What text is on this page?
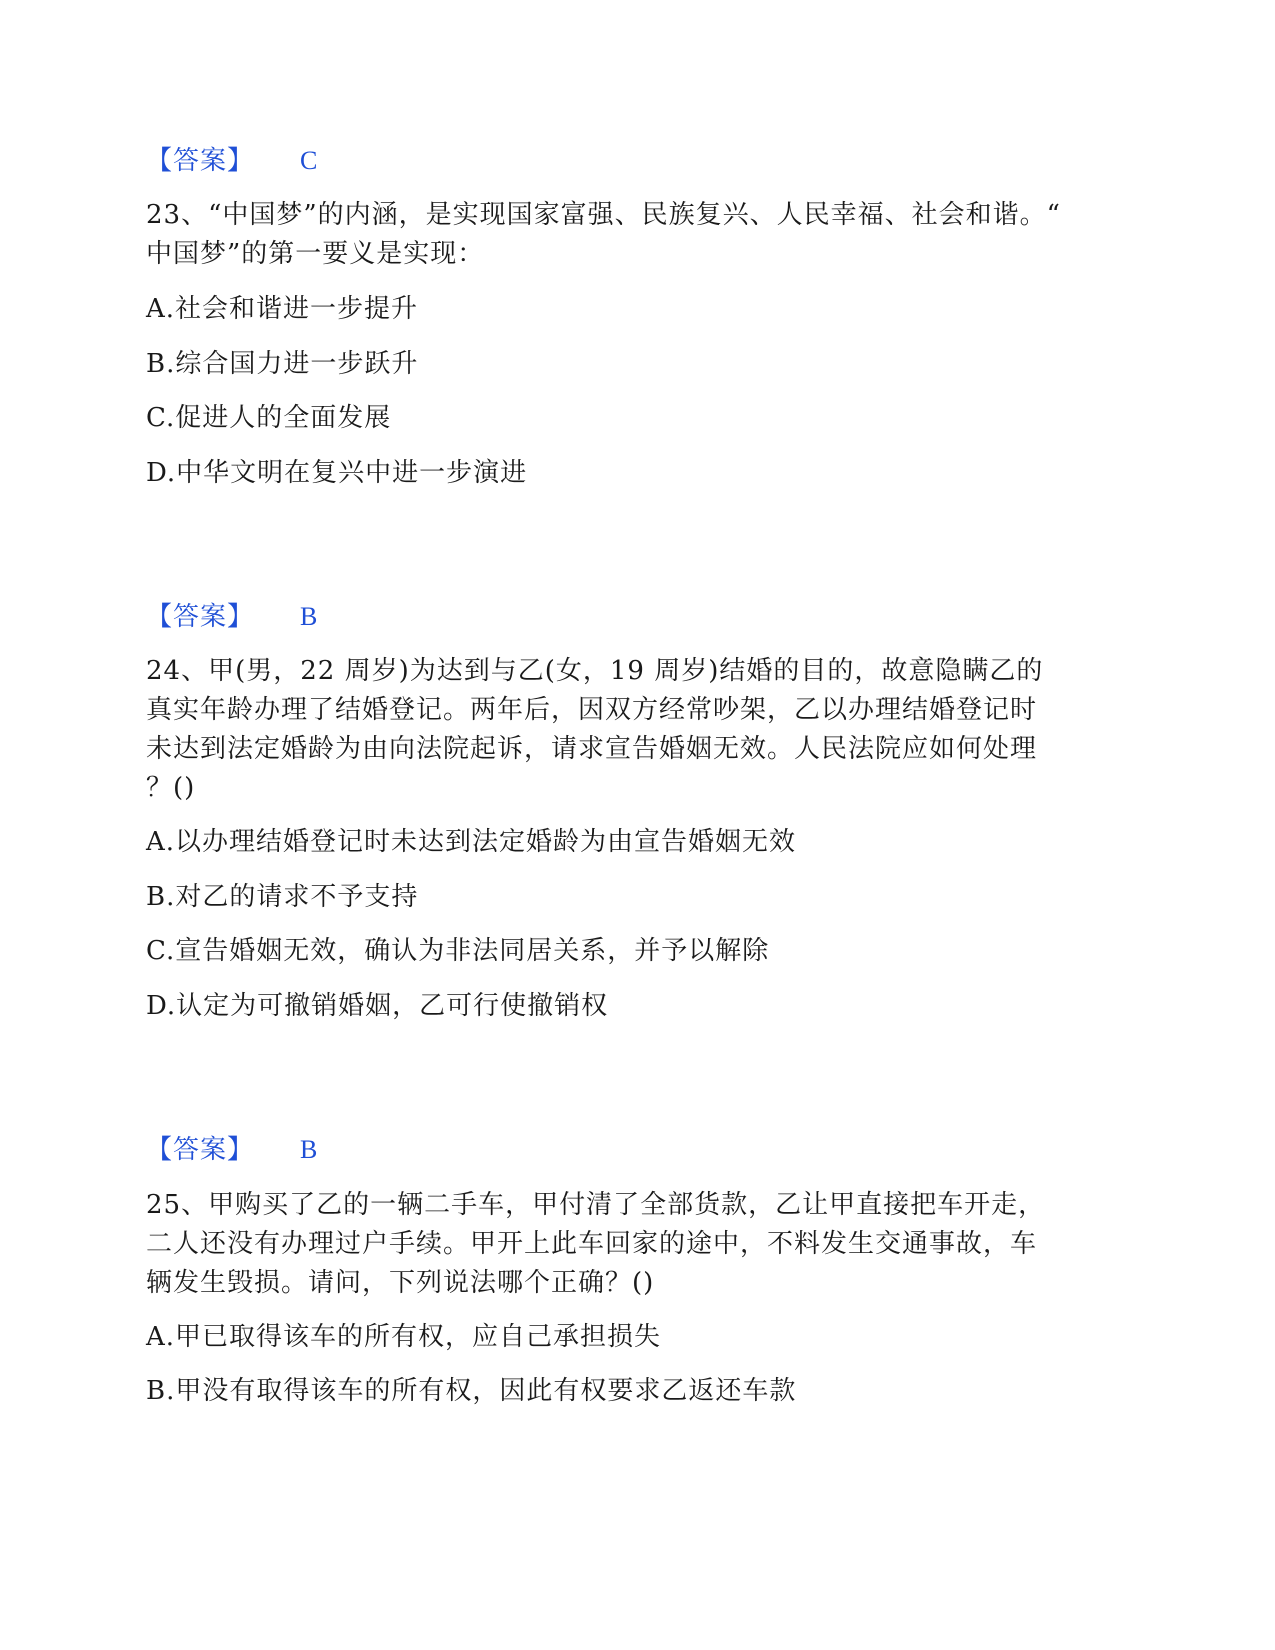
【答案】 C

23、“中国梦”的内涵，是实现国家富强、民族复兴、人民幸福、社会和谐。“

中国梦”的第一要义是实现：

A.社会和谐进一步提升
B.综合国力进一步跃升
C.促进人的全面发展
D.中华文明在复兴中进一步演进
【答案】 B

24、甲(男，22 周岁)为达到与乙(女，19 周岁)结婚的目的，故意隐瞒乙的

真实年龄办理了结婚登记。两年后，因双方经常吵架，乙以办理结婚登记时

未达到法定婚龄为由向法院起诉，请求宣告婚姻无效。人民法院应如何处理

？()

A.以办理结婚登记时未达到法定婚龄为由宣告婚姻无效
B.对乙的请求不予支持
C.宣告婚姻无效，确认为非法同居关系，并予以解除
D.认定为可撤销婚姻，乙可行使撤销权
【答案】 B

25、甲购买了乙的一辆二手车，甲付清了全部货款，乙让甲直接把车开走，

二人还没有办理过户手续。甲开上此车回家的途中，不料发生交通事故，车

辆发生毁损。请问，下列说法哪个正确？()

A.甲已取得该车的所有权，应自己承担损失
B.甲没有取得该车的所有权，因此有权要求乙返还车款
